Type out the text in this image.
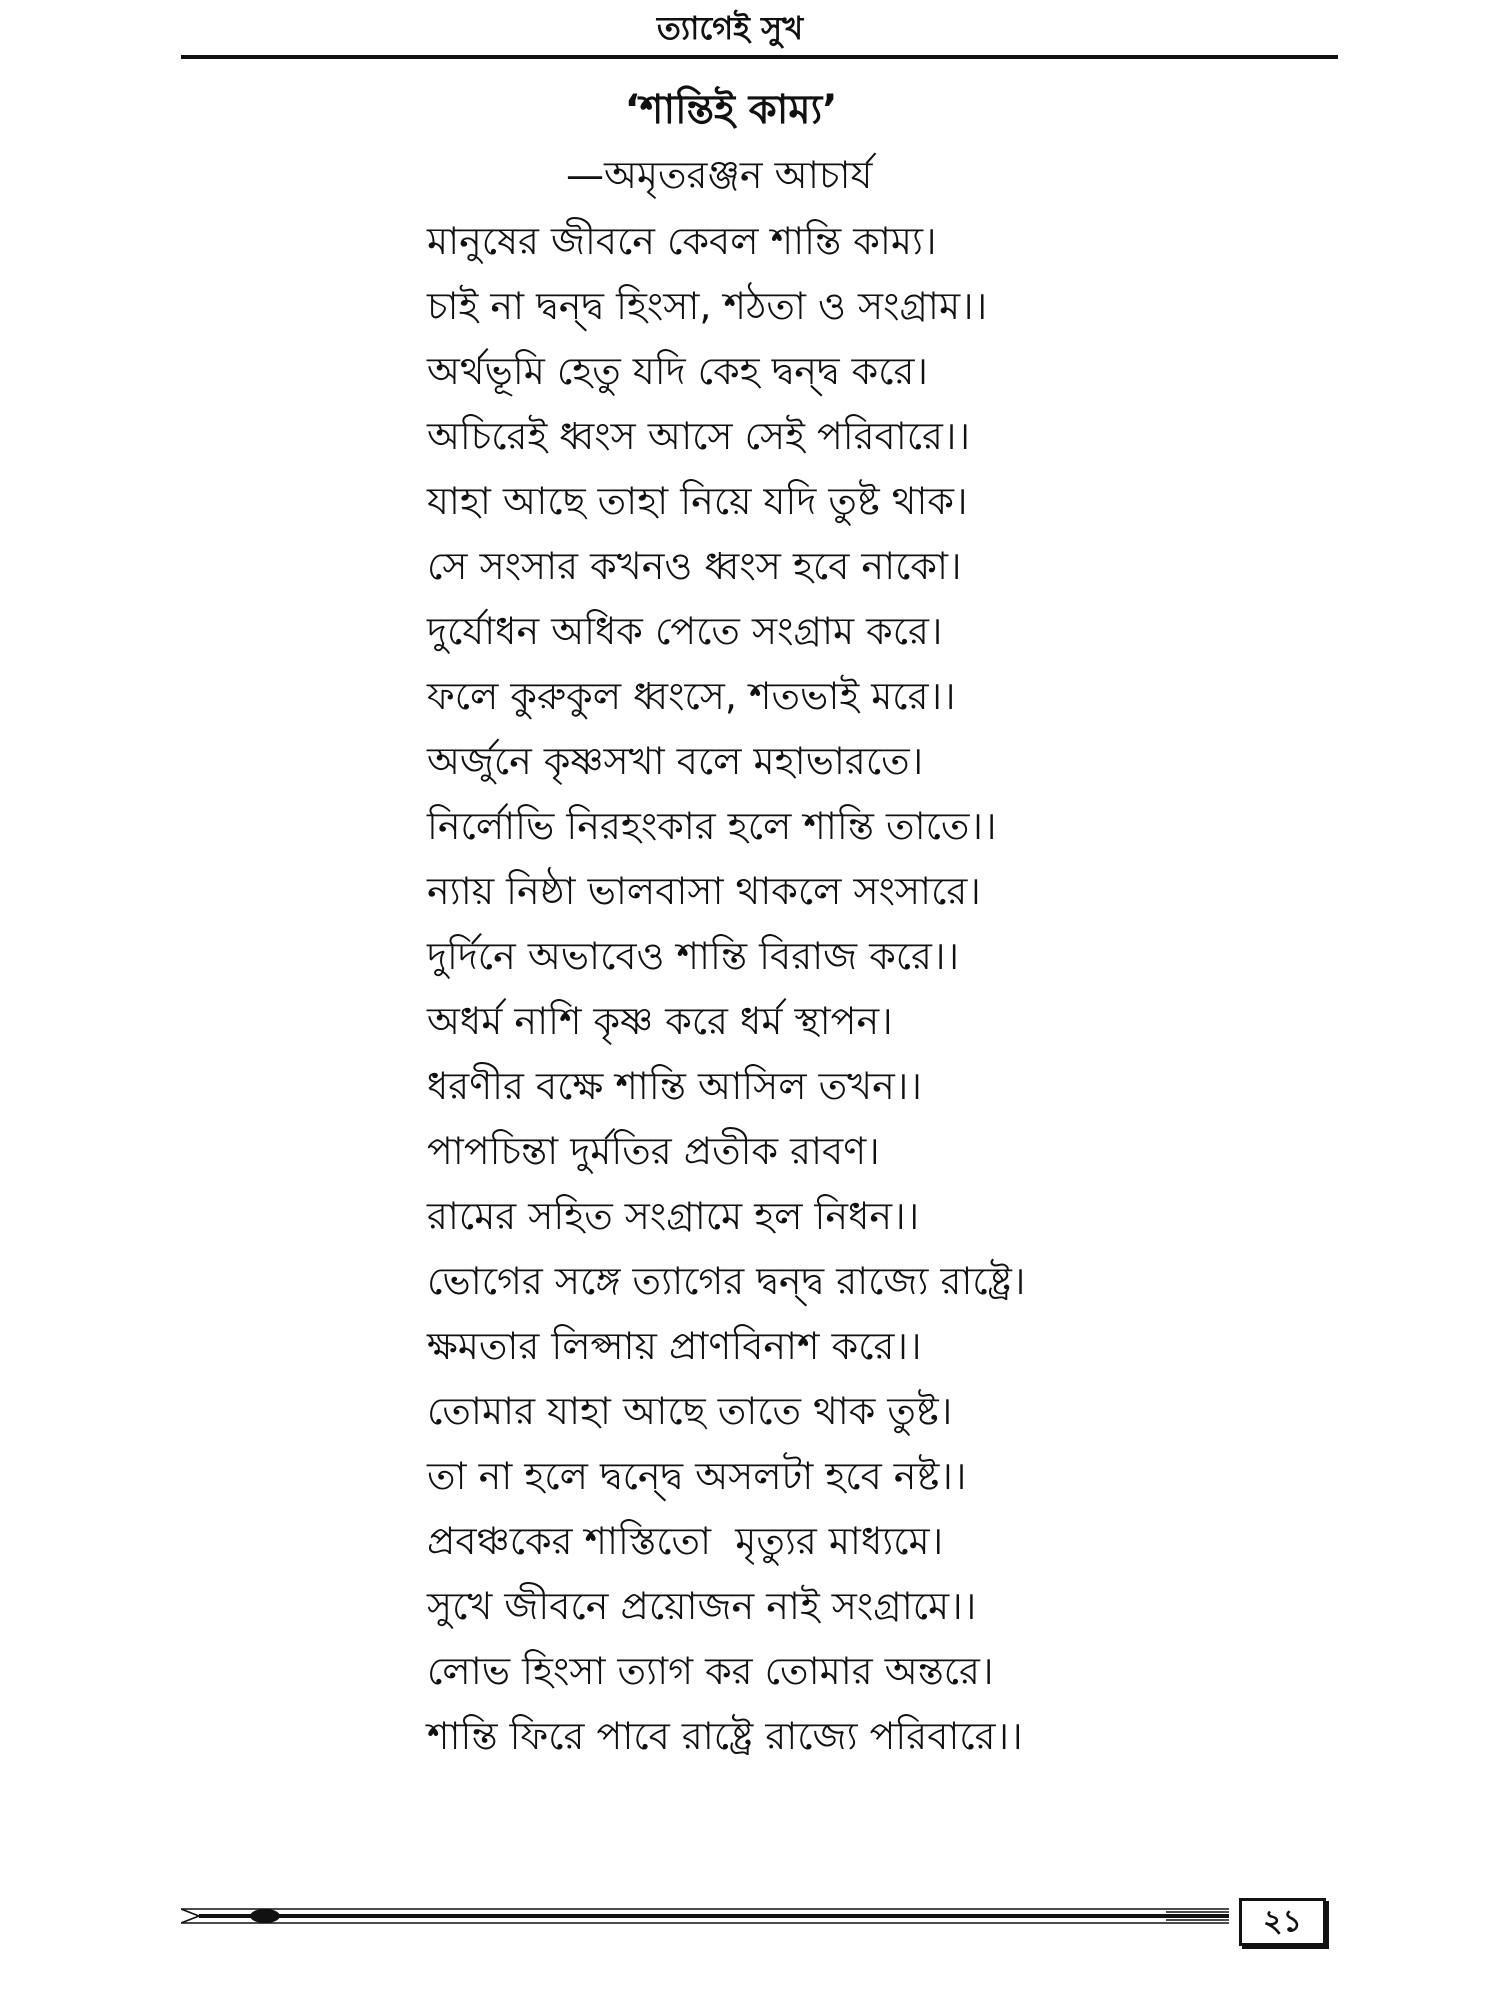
ত্যাগেই সুখ
‘শান্তিই কাম্য’
—অমৃতরঞ্জন আচার্য
মানুষের জীবনে কেবল শান্তি কাম্য।
চাই না দ্বন্দ্ব হিংসা, শঠতা ও সংগ্রাম।।
অর্থভূমি হেতু যদি কেহ দ্বন্দ্ব করে।
অচিরেই ধ্বংস আসে সেই পরিবারে।।
যাহা আছে তাহা নিয়ে যদি তুষ্ট থাক।
সে সংসার কখনও ধ্বংস হবে নাকো।
দুর্যোধন অধিক পেতে সংগ্রাম করে।
ফলে কুরুকুল ধ্বংসে, শতভাই মরে।।
অর্জুনে কৃষ্ণসখা বলে মহাভারতে।
নির্লোভি নিরহংকার হলে শান্তি তাতে।।
ন্যায় নিষ্ঠা ভালবাসা থাকলে সংসারে।
দুর্দিনে অভাবেও শান্তি বিরাজ করে।।
অধর্ম নাশি কৃষ্ণ করে ধর্ম স্থাপন।
ধরণীর বক্ষে শান্তি আসিল তখন।।
পাপচিন্তা দুর্মতির প্রতীক রাবণ।
রামের সহিত সংগ্রামে হল নিধন।।
ভোগের সঙ্গে ত্যাগের দ্বন্দ্ব রাজ্যে রাষ্ট্রে।
ক্ষমতার লিপ্সায় প্রাণবিনাশ করে।।
তোমার যাহা আছে তাতে থাক তুষ্ট।
তা না হলে দ্বন্দ্বে অসলটা হবে নষ্ট।।
প্রবঞ্চকের শাস্তিতো  মৃত্যুর মাধ্যমে।
সুখে জীবনে প্রয়োজন নাই সংগ্রামে।।
লোভ হিংসা ত্যাগ কর তোমার অন্তরে।
শান্তি ফিরে পাবে রাষ্ট্রে রাজ্যে পরিবারে।।
২১
